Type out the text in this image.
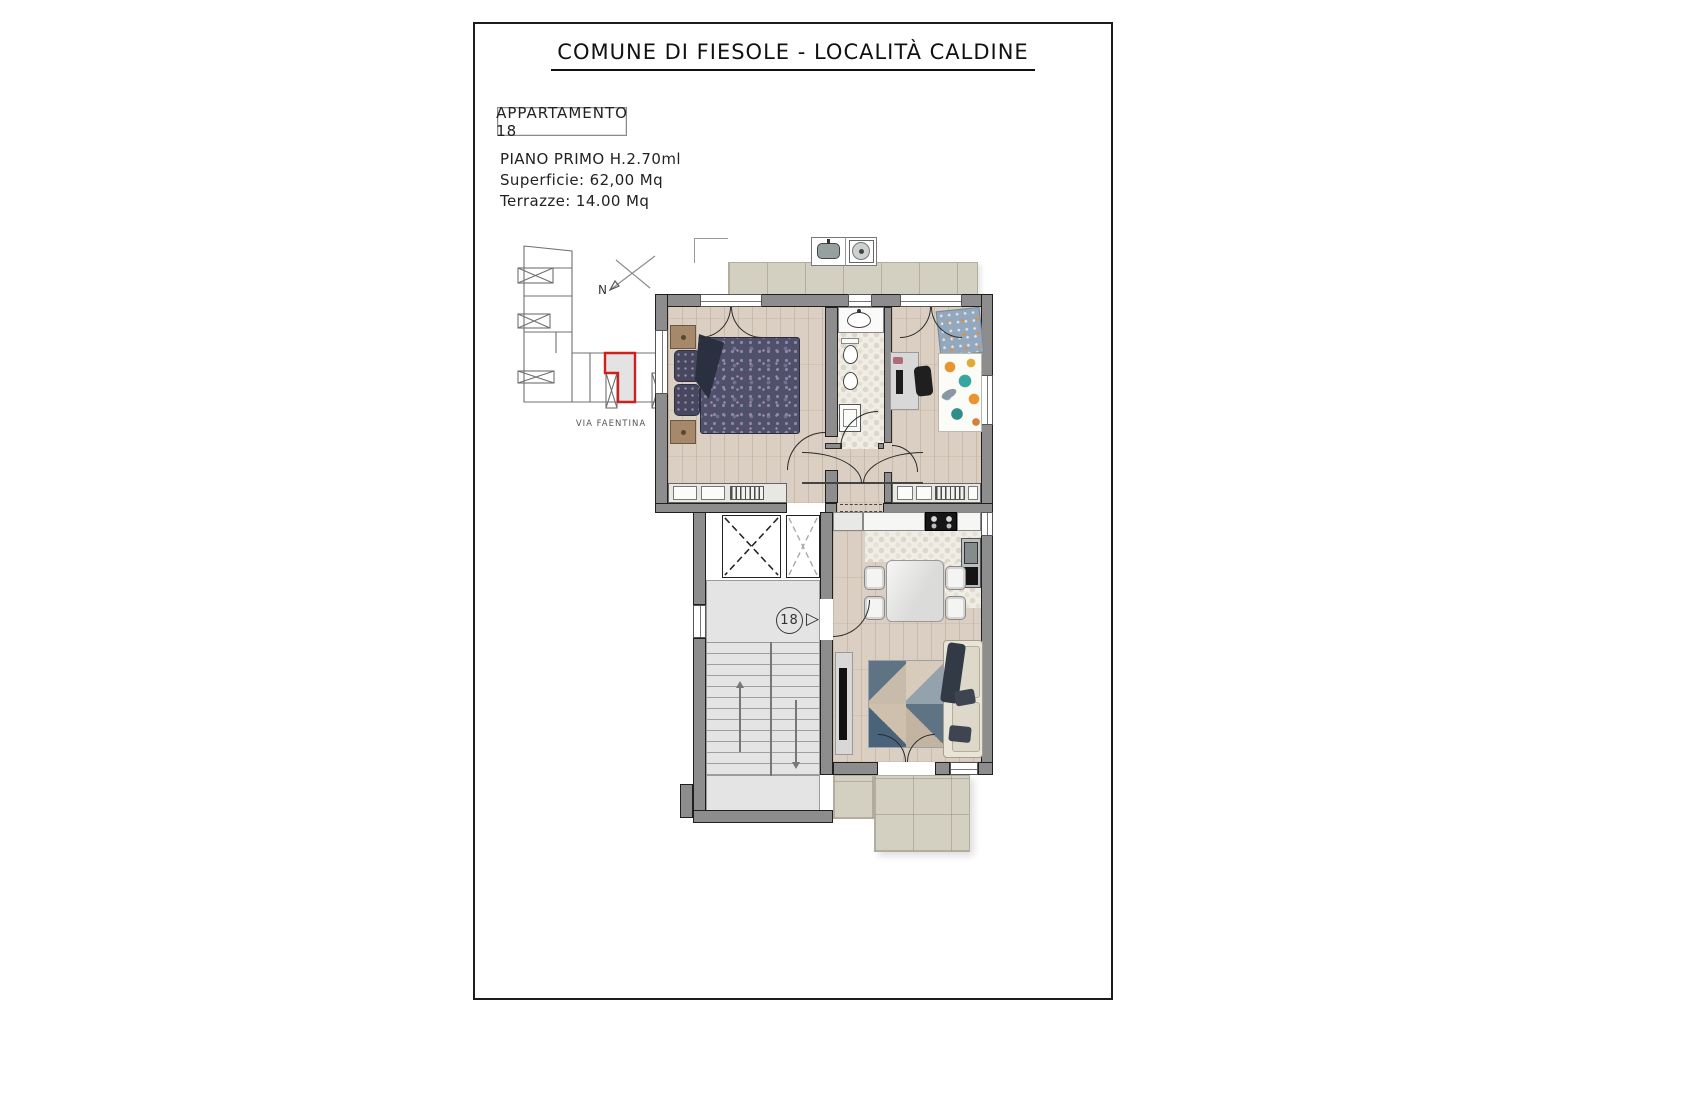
COMUNE DI FIESOLE - LOCALITÀ CALDINE
APPARTAMENTO 18
PIANO PRIMO H.2.70ml
Superficie: 62,00 Mq
Terrazze: 14.00 Mq
N
VIA FAENTINA
18 ▷
